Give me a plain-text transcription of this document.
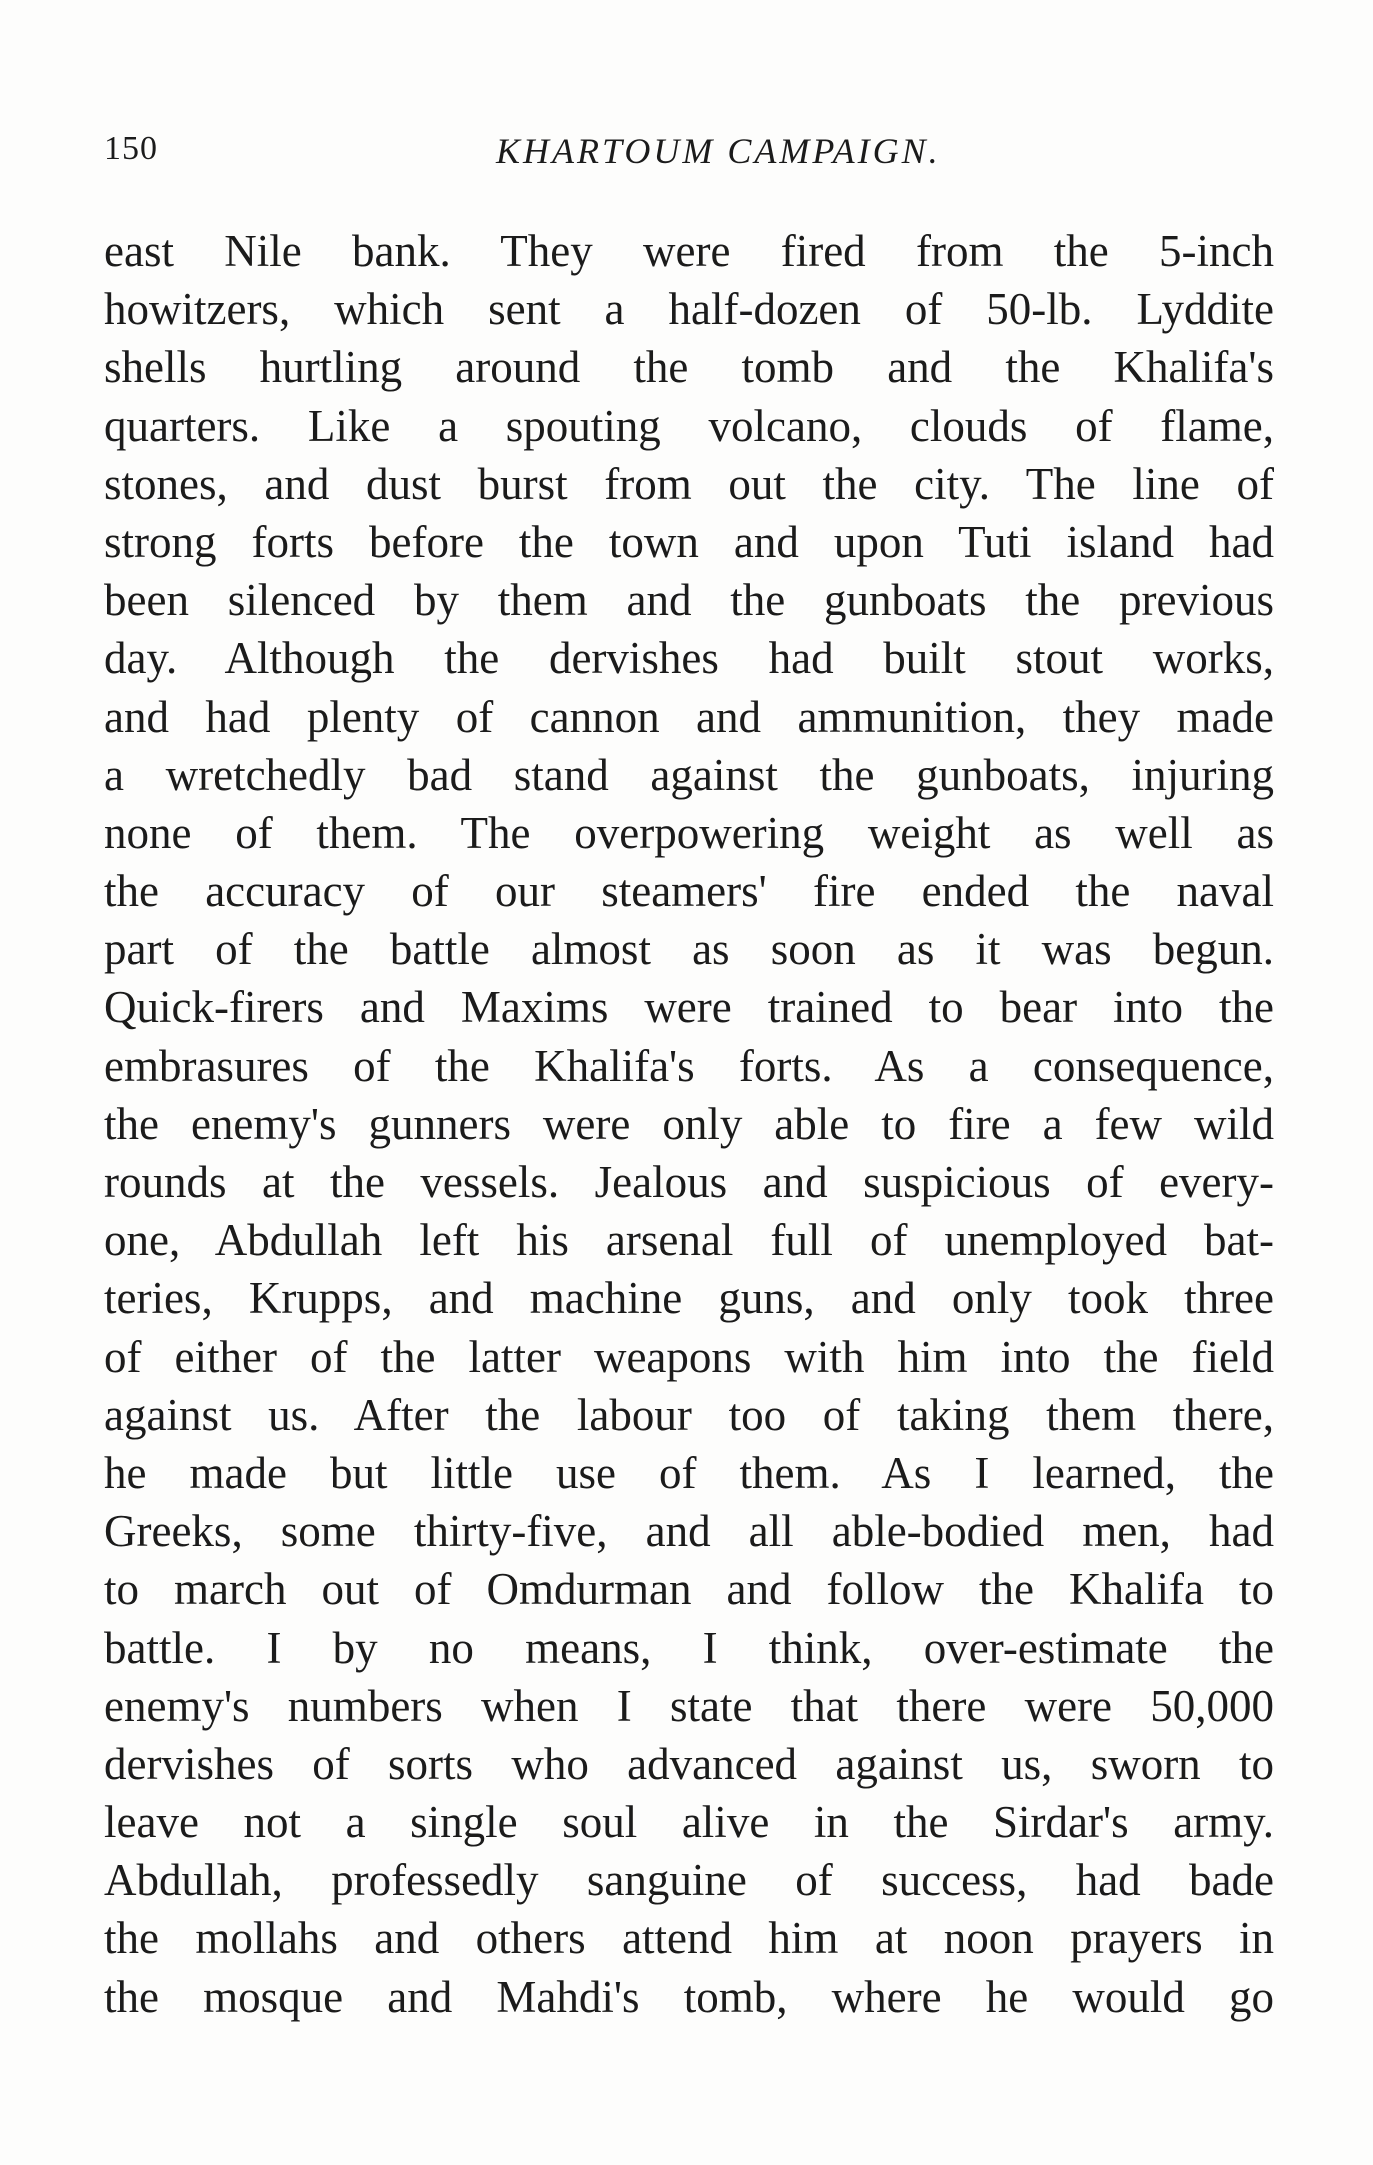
150	KHARTOUM CAMPAIGN.
east Nile bank. They were fired from the 5-inch
howitzers, which sent a half-dozen of 50-lb. Lyddite
shells hurtling around the tomb and the Khalifa's
quarters. Like a spouting volcano, clouds of flame,
stones, and dust burst from out the city. The line of
strong forts before the town and upon Tuti island had
been silenced by them and the gunboats the previous
day. Although the dervishes had built stout works,
and had plenty of cannon and ammunition, they made
a wretchedly bad stand against the gunboats, injuring
none of them. The overpowering weight as well as
the accuracy of our steamers' fire ended the naval
part of the battle almost as soon as it was begun.
Quick-firers and Maxims were trained to bear into the
embrasures of the Khalifa's forts. As a consequence,
the enemy's gunners were only able to fire a few wild
rounds at the vessels. Jealous and suspicious of every-
one, Abdullah left his arsenal full of unemployed bat-
teries, Krupps, and machine guns, and only took three
of either of the latter weapons with him into the field
against us. After the labour too of taking them there,
he made but little use of them. As I learned, the
Greeks, some thirty-five, and all able-bodied men, had
to march out of Omdurman and follow the Khalifa to
battle. I by no means, I think, over-estimate the
enemy's numbers when I state that there were 50,000
dervishes of sorts who advanced against us, sworn to
leave not a single soul alive in the Sirdar's army.
Abdullah, professedly sanguine of success, had bade
the mollahs and others attend him at noon prayers in
the mosque and Mahdi's tomb, where he would go
